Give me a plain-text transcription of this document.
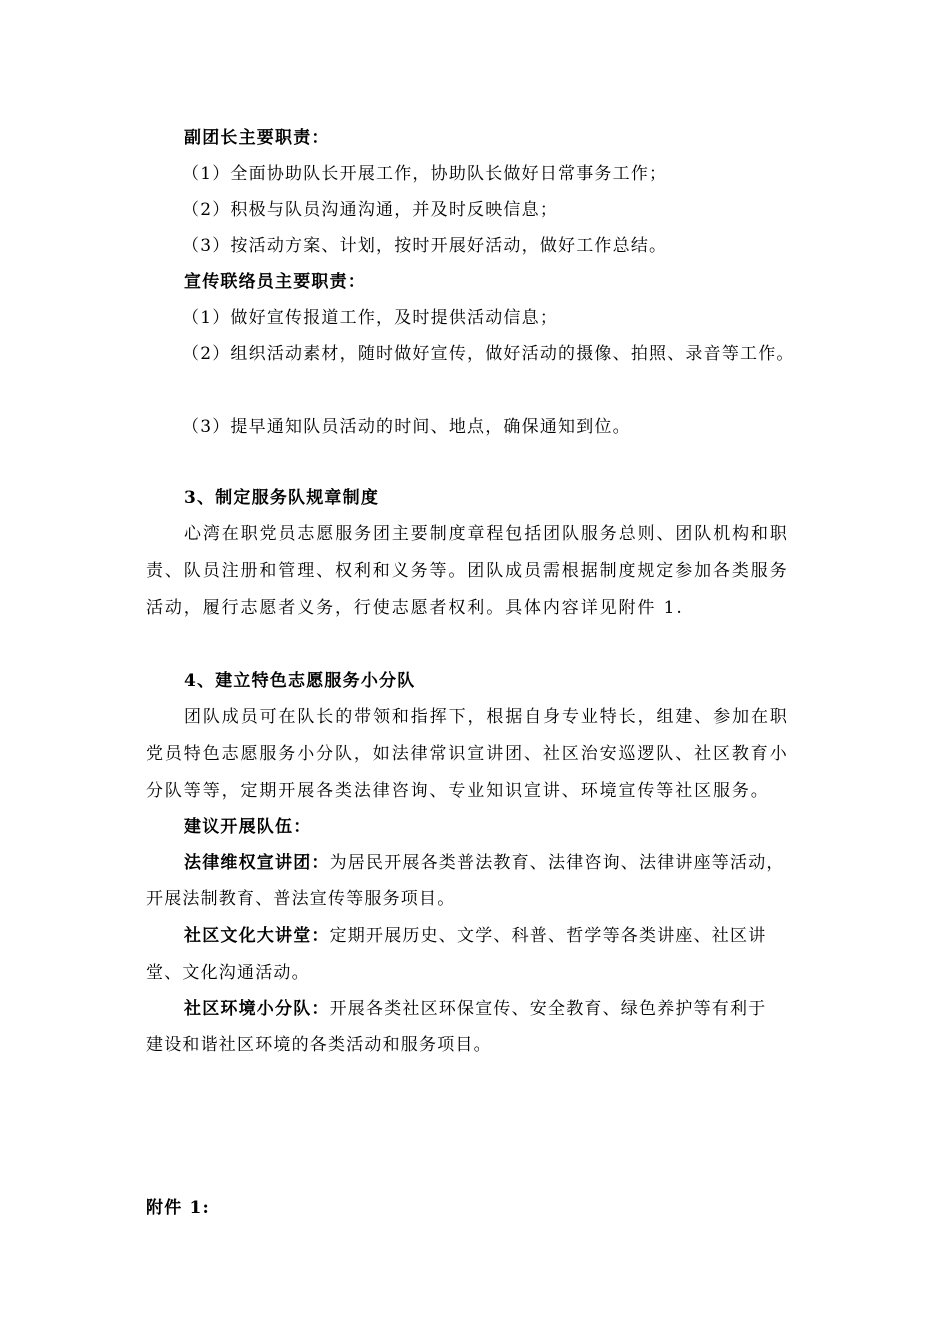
副团长主要职责：
（1）全面协助队长开展工作，协助队长做好日常事务工作；
（2）积极与队员沟通沟通，并及时反映信息；
（3）按活动方案、计划，按时开展好活动，做好工作总结。
宣传联络员主要职责：
（1）做好宣传报道工作，及时提供活动信息；
（2）组织活动素材，随时做好宣传，做好活动的摄像、拍照、录音等工作。
（3）提早通知队员活动的时间、地点，确保通知到位。
3、制定服务队规章制度
心湾在职党员志愿服务团主要制度章程包括团队服务总则、团队机构和职
责、队员注册和管理、权利和义务等。团队成员需根据制度规定参加各类服务
活动，履行志愿者义务，行使志愿者权利。具体内容详见附件 1.
4、建立特色志愿服务小分队
团队成员可在队长的带领和指挥下，根据自身专业特长，组建、参加在职
党员特色志愿服务小分队，如法律常识宣讲团、社区治安巡逻队、社区教育小
分队等等，定期开展各类法律咨询、专业知识宣讲、环境宣传等社区服务。
建议开展队伍：
法律维权宣讲团：为居民开展各类普法教育、法律咨询、法律讲座等活动，
开展法制教育、普法宣传等服务项目。
社区文化大讲堂：定期开展历史、文学、科普、哲学等各类讲座、社区讲
堂、文化沟通活动。
社区环境小分队：开展各类社区环保宣传、安全教育、绿色养护等有利于
建设和谐社区环境的各类活动和服务项目。
附件 1:
